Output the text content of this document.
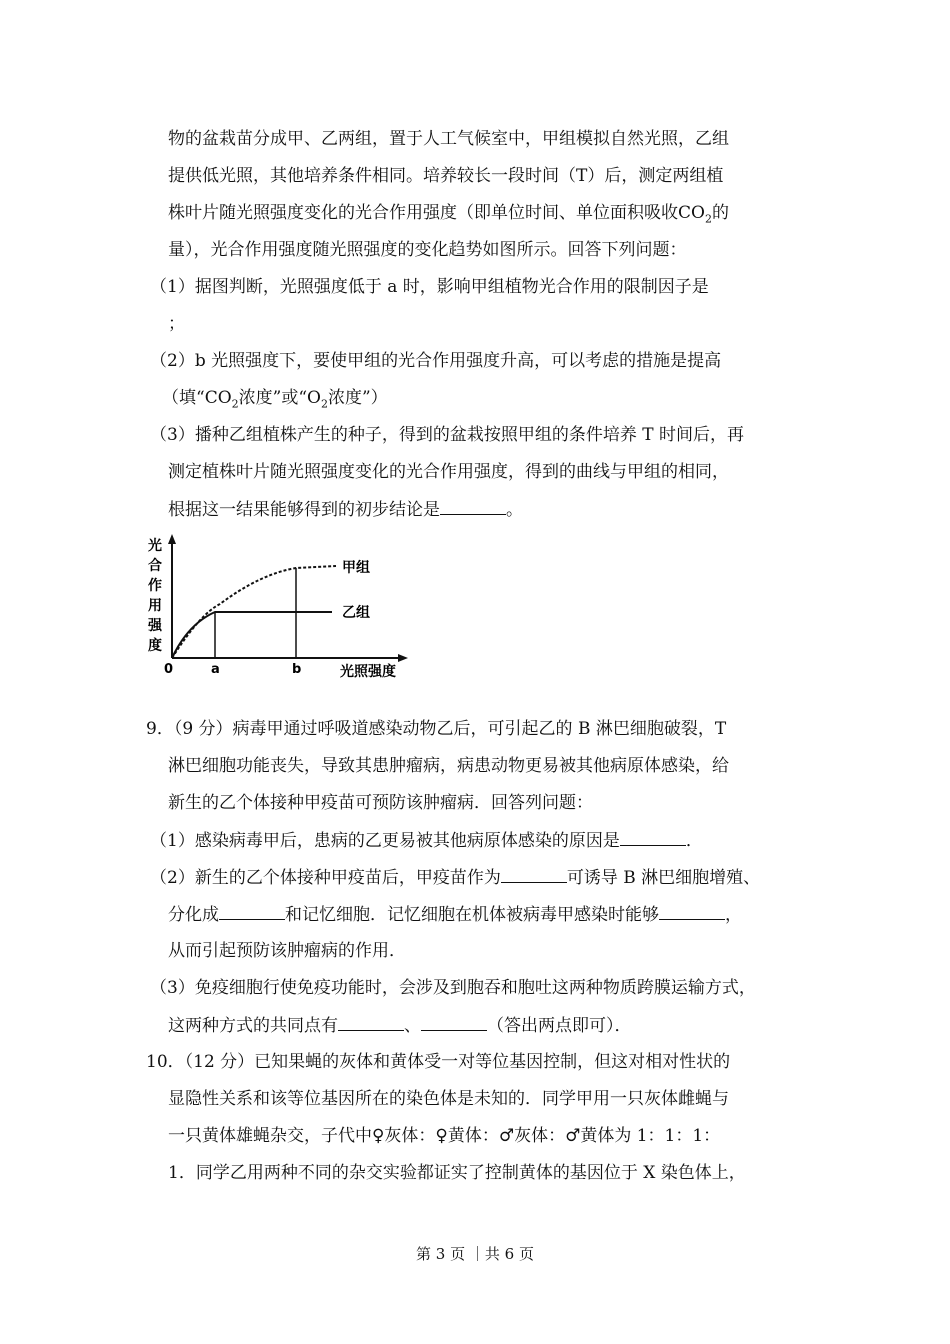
物的盆栽苗分成甲、乙两组，置于人工气候室中，甲组模拟自然光照，乙组
提供低光照，其他培养条件相同。培养较长一段时间（T）后，测定两组植
株叶片随光照强度变化的光合作用强度（即单位时间、单位面积吸收$CO_2$的
量），光合作用强度随光照强度的变化趋势如图所示。回答下列问题：
（1）据图判断，光照强度低于 a 时，影响甲组植物光合作用的限制因子是
；
（2）b 光照强度下，要使甲组的光合作用强度升高，可以考虑的措施是提高
（填“$CO_2$浓度”或“$O_2$浓度”）
（3）播种乙组植株产生的种子，得到的盆栽按照甲组的条件培养 T 时间后，再
测定植株叶片随光照强度变化的光合作用强度，得到的曲线与甲组的相同，
根据这一结果能够得到的初步结论是	。
光
合
作
用
强
度
甲组
乙组
0	a	b	光照强度
9．（9 分）病毒甲通过呼吸道感染动物乙后，可引起乙的 B 淋巴细胞破裂，T
淋巴细胞功能丧失，导致其患肿瘤病，病患动物更易被其他病原体感染，给
新生的乙个体接种甲疫苗可预防该肿瘤病．回答列问题：
（1）感染病毒甲后，患病的乙更易被其他病原体感染的原因是	．
（2）新生的乙个体接种甲疫苗后，甲疫苗作为	可诱导 B 淋巴细胞增殖、
分化成	和记忆细胞．记忆细胞在机体被病毒甲感染时能够	，
从而引起预防该肿瘤病的作用．
（3）免疫细胞行使免疫功能时，会涉及到胞吞和胞吐这两种物质跨膜运输方式，
这两种方式的共同点有	、	（答出两点即可）．
10．（12 分）已知果蝇的灰体和黄体受一对等位基因控制，但这对相对性状的
显隐性关系和该等位基因所在的染色体是未知的．同学甲用一只灰体雌蝇与
一只黄体雄蝇杂交，子代中♀灰体：♀黄体：♂灰体：♂黄体为 1：1：1：
1．同学乙用两种不同的杂交实验都证实了控制黄体的基因位于 X 染色体上，
第 3 页 ｜共 6 页
